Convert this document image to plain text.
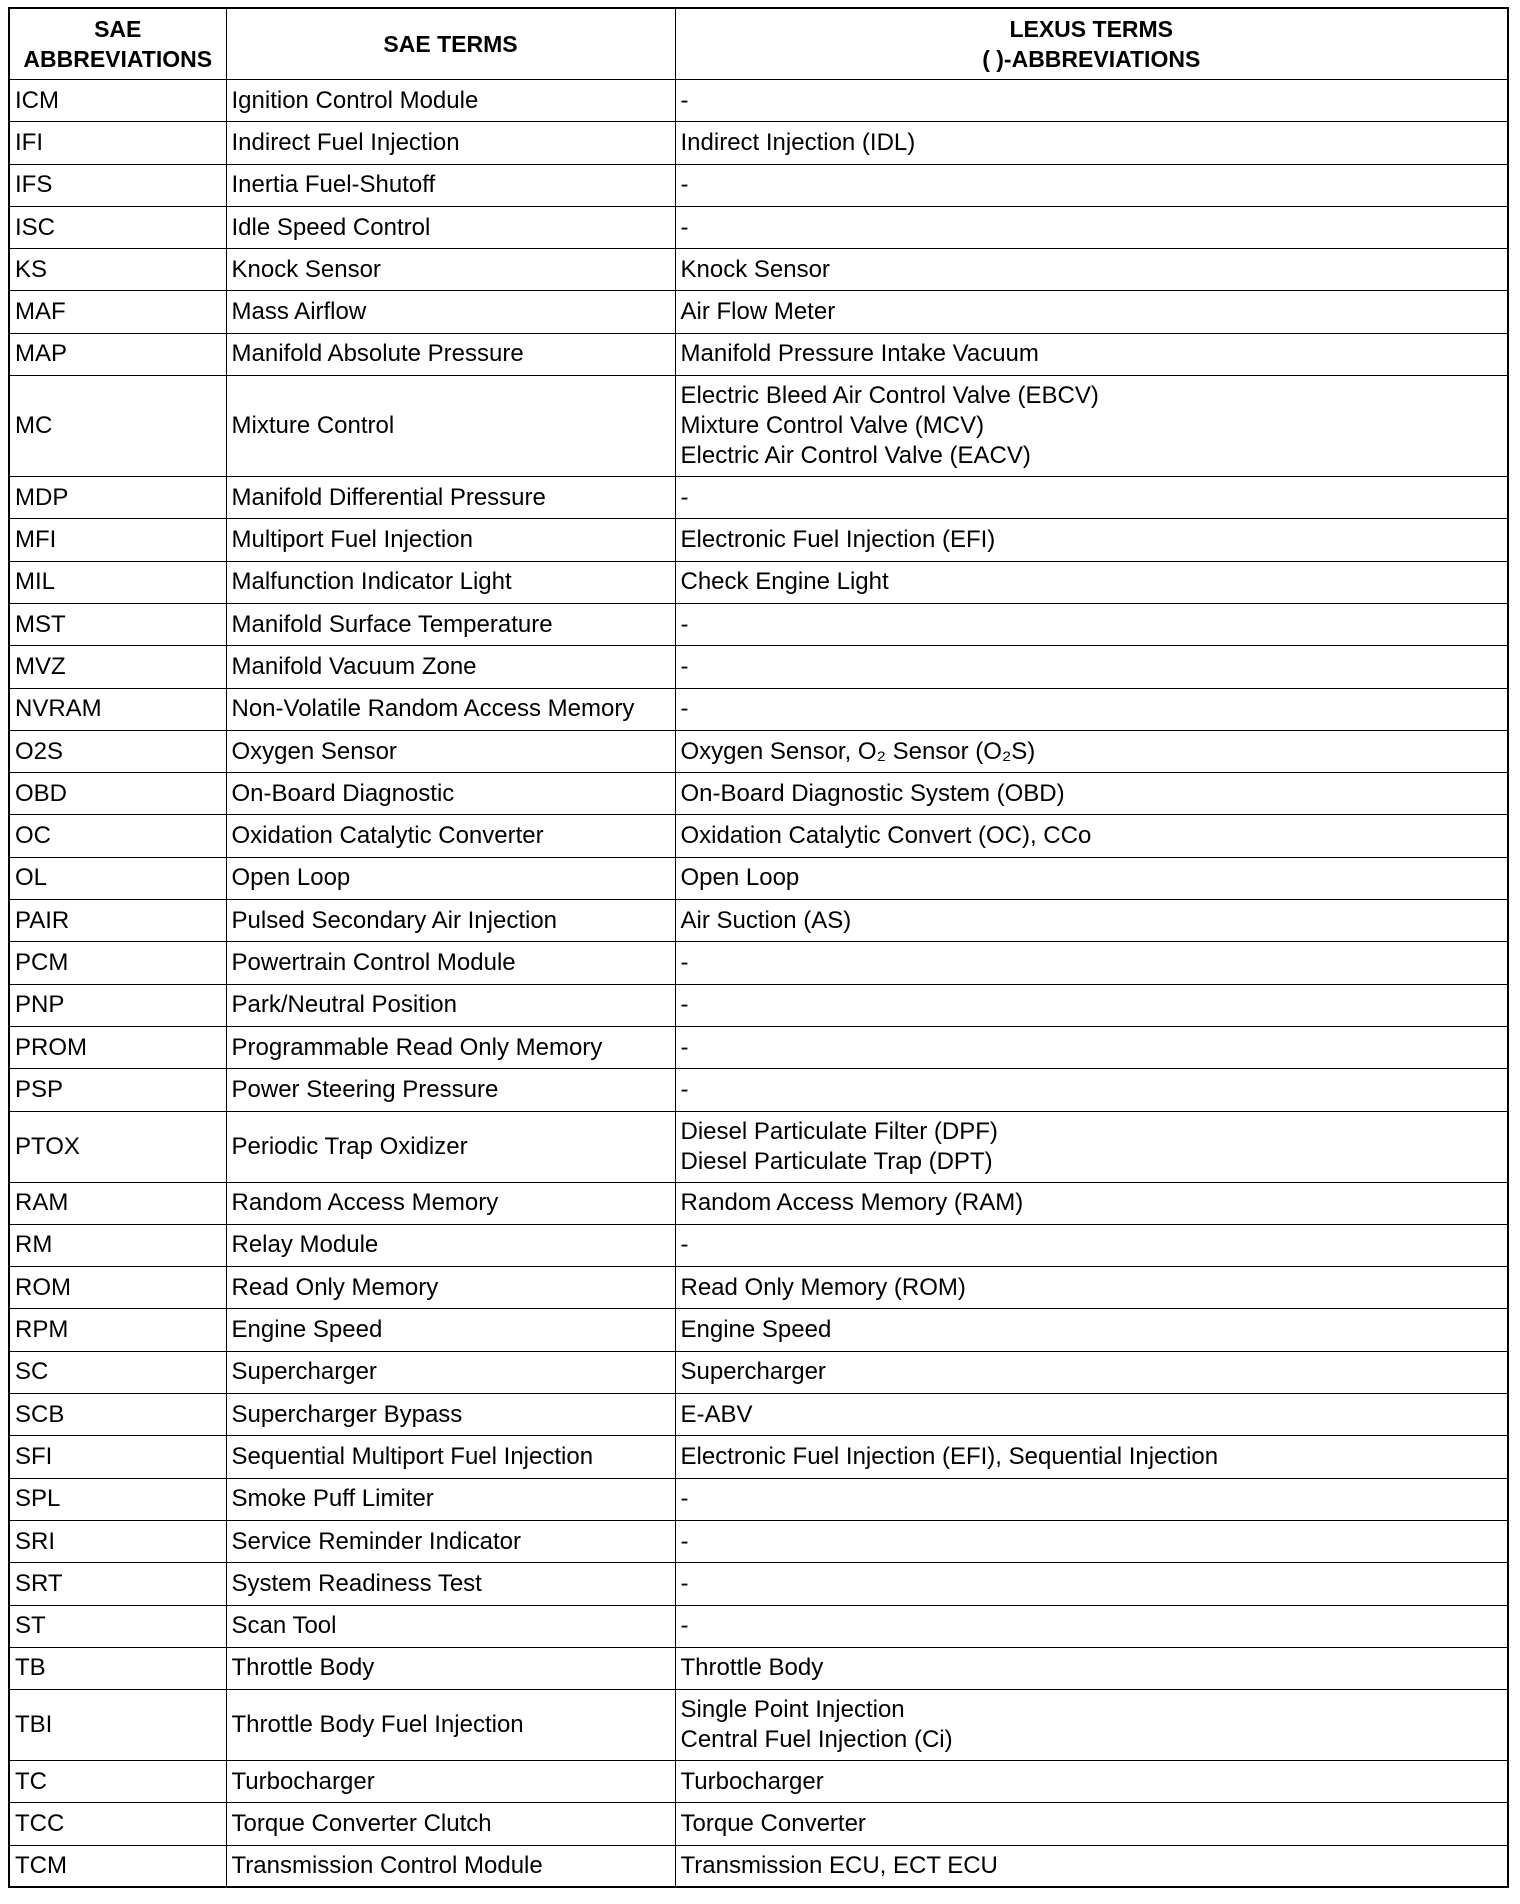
SAE
ABBREVIATIONS	SAE TERMS	LEXUS TERMS
( )-ABBREVIATIONS

ICM	Ignition Control Module	-

IFI	Indirect Fuel Injection	Indirect Injection (IDL)

IFS	Inertia Fuel-Shutoff	-

ISC	Idle Speed Control	-

KS	Knock Sensor	Knock Sensor

MAF	Mass Airflow	Air Flow Meter

MAP	Manifold Absolute Pressure	Manifold Pressure Intake Vacuum

MC	Mixture Control	Electric Bleed Air Control Valve (EBCV)
Mixture Control Valve (MCV)
Electric Air Control Valve (EACV)

MDP	Manifold Differential Pressure	-

MFI	Multiport Fuel Injection	Electronic Fuel Injection (EFI)

MIL	Malfunction Indicator Light	Check Engine Light

MST	Manifold Surface Temperature	-

MVZ	Manifold Vacuum Zone	-

NVRAM	Non-Volatile Random Access Memory	-

O2S	Oxygen Sensor	Oxygen Sensor, O₂ Sensor (O₂S)

OBD	On-Board Diagnostic	On-Board Diagnostic System (OBD)

OC	Oxidation Catalytic Converter	Oxidation Catalytic Convert (OC), CCo

OL	Open Loop	Open Loop

PAIR	Pulsed Secondary Air Injection	Air Suction (AS)

PCM	Powertrain Control Module	-

PNP	Park/Neutral Position	-

PROM	Programmable Read Only Memory	-

PSP	Power Steering Pressure	-

PTOX	Periodic Trap Oxidizer	Diesel Particulate Filter (DPF)
Diesel Particulate Trap (DPT)

RAM	Random Access Memory	Random Access Memory (RAM)

RM	Relay Module	-

ROM	Read Only Memory	Read Only Memory (ROM)

RPM	Engine Speed	Engine Speed

SC	Supercharger	Supercharger

SCB	Supercharger Bypass	E-ABV

SFI	Sequential Multiport Fuel Injection	Electronic Fuel Injection (EFI), Sequential Injection

SPL	Smoke Puff Limiter	-

SRI	Service Reminder Indicator	-

SRT	System Readiness Test	-

ST	Scan Tool	-

TB	Throttle Body	Throttle Body

TBI	Throttle Body Fuel Injection	Single Point Injection
Central Fuel Injection (Ci)

TC	Turbocharger	Turbocharger

TCC	Torque Converter Clutch	Torque Converter

TCM	Transmission Control Module	Transmission ECU, ECT ECU
